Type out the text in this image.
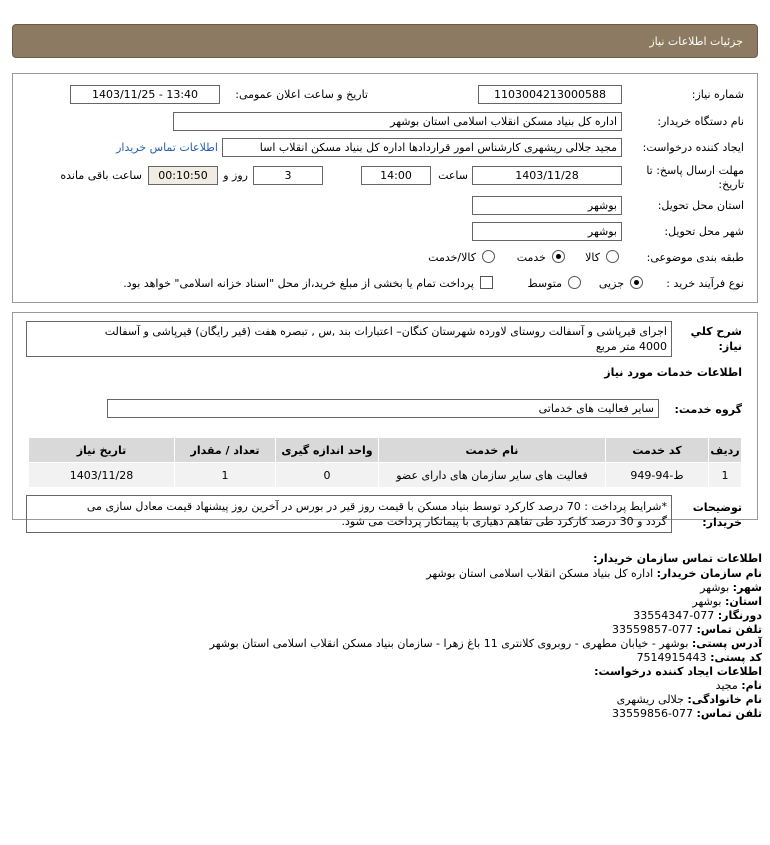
جزئیات اطلاعات نیاز

شماره نیاز:
1103004213000588
تاریخ و ساعت اعلان عمومی:
1403/11/25 - 13:40
نام دستگاه خریدار:
اداره کل بنیاد مسکن انقلاب اسلامی استان بوشهر
ایجاد کننده درخواست:
مجید جلالی ریشهری کارشناس امور قراردادها اداره کل بنیاد مسکن انقلاب اسا
اطلاعات تماس خریدار
مهلت ارسال پاسخ: تا
تاریخ:
1403/11/28
ساعت
14:00
3
روز و
00:10:50
ساعت باقی مانده
استان محل تحویل:
بوشهر
شهر محل تحویل:
بوشهر
طبقه بندی موضوعی:
کالا
خدمت
کالا/خدمت
نوع فرآیند خرید :
جزیی
متوسط
پرداخت تمام یا بخشی از مبلغ خرید،از محل "اسناد خزانه اسلامی" خواهد بود.
شرح کلي
نياز:
اجرای قیرپاشی و آسفالت روستای لاورده شهرستان کنگان– اعتبارات بند ,س , تبصره هفت (قیر رایگان) قیرپاشی و آسفالت
4000 متر مربع
اطلاعات خدمات مورد نیاز
گروه خدمت:
سایر فعالیت های خدماتی
ردیف	کد خدمت	نام خدمت	واحد اندازه گیری	تعداد / مقدار	تاریخ نیاز
1	ط-94-949	فعالیت های سایر سازمان های دارای عضو	0	1	1403/11/28
توضیحات
خریدار:
*شرایط پرداخت : 70 درصد کارکرد توسط بنیاد مسکن با قیمت روز قیر در بورس در آخرین روز پیشنهاد قیمت معادل سازی می
گردد و 30 درصد کارکرد طی تفاهم دهیاری با پیمانکار پرداخت می شود.
اطلاعات تماس سازمان خریدار:
نام سازمان خریدار: اداره کل بنیاد مسکن انقلاب اسلامی استان بوشهر
شهر: بوشهر
استان: بوشهر
دورنگار: 077-33554347
تلفن تماس: 077-33559857
آدرس پستی: بوشهر - خیابان مطهری - روبروی کلانتری 11 باغ زهرا - سازمان بنیاد مسکن انقلاب اسلامی استان بوشهر
کد پستی: 7514915443
اطلاعات ایجاد کننده درخواست:
نام: مجید
نام خانوادگی: جلالی ریشهری
تلفن تماس: 077-33559856
